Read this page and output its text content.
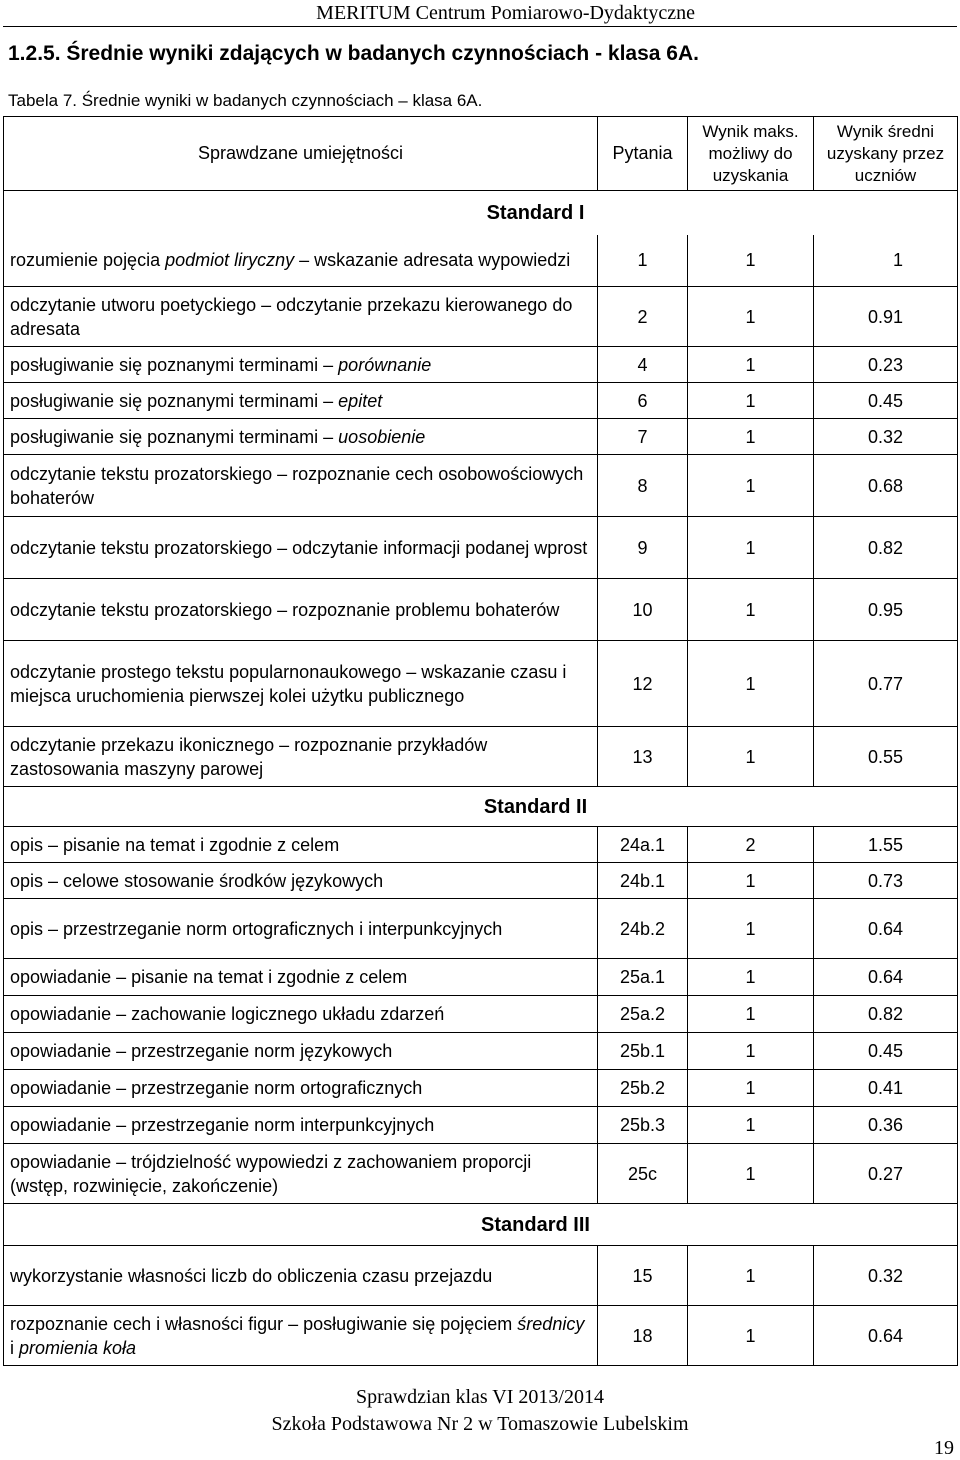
MERITUM Centrum Pomiarowo-Dydaktyczne
1.2.5. Średnie wyniki zdających w badanych czynnościach - klasa 6A.
Tabela 7. Średnie wyniki w badanych czynnościach – klasa 6A.
Sprawdzane umiejętności	Pytania	Wynik maks. możliwy do uzyskania	Wynik średni uzyskany przez uczniów
Standard I			
rozumienie pojęcia podmiot liryczny – wskazanie adresata wypowiedzi	1	1	1
odczytanie utworu poetyckiego – odczytanie przekazu kierowanego do adresata	2	1	0.91
posługiwanie się poznanymi terminami – porównanie	4	1	0.23
posługiwanie się poznanymi terminami – epitet	6	1	0.45
posługiwanie się poznanymi terminami – uosobienie	7	1	0.32
odczytanie tekstu prozatorskiego – rozpoznanie cech osobowościowych bohaterów	8	1	0.68
odczytanie tekstu prozatorskiego – odczytanie informacji podanej wprost	9	1	0.82
odczytanie tekstu prozatorskiego – rozpoznanie problemu bohaterów	10	1	0.95
odczytanie prostego tekstu popularnonaukowego – wskazanie czasu i miejsca uruchomienia pierwszej kolei użytku publicznego	12	1	0.77
odczytanie przekazu ikonicznego – rozpoznanie przykładów zastosowania maszyny parowej	13	1	0.55
Standard II			
opis – pisanie na temat i zgodnie z celem	24a.1	2	1.55
opis – celowe stosowanie środków językowych	24b.1	1	0.73
opis – przestrzeganie norm ortograficznych i interpunkcyjnych	24b.2	1	0.64
opowiadanie – pisanie na temat i zgodnie z celem	25a.1	1	0.64
opowiadanie – zachowanie logicznego układu zdarzeń	25a.2	1	0.82
opowiadanie – przestrzeganie norm językowych	25b.1	1	0.45
opowiadanie – przestrzeganie norm ortograficznych	25b.2	1	0.41
opowiadanie – przestrzeganie norm interpunkcyjnych	25b.3	1	0.36
opowiadanie – trójdzielność wypowiedzi z zachowaniem proporcji (wstęp, rozwinięcie, zakończenie)	25c	1	0.27
Standard III			
wykorzystanie własności liczb do obliczenia czasu przejazdu	15	1	0.32
rozpoznanie cech i własności figur – posługiwanie się pojęciem średnicy i promienia koła	18	1	0.64
Sprawdzian klas VI 2013/2014
Szkoła Podstawowa Nr 2 w Tomaszowie Lubelskim
19
